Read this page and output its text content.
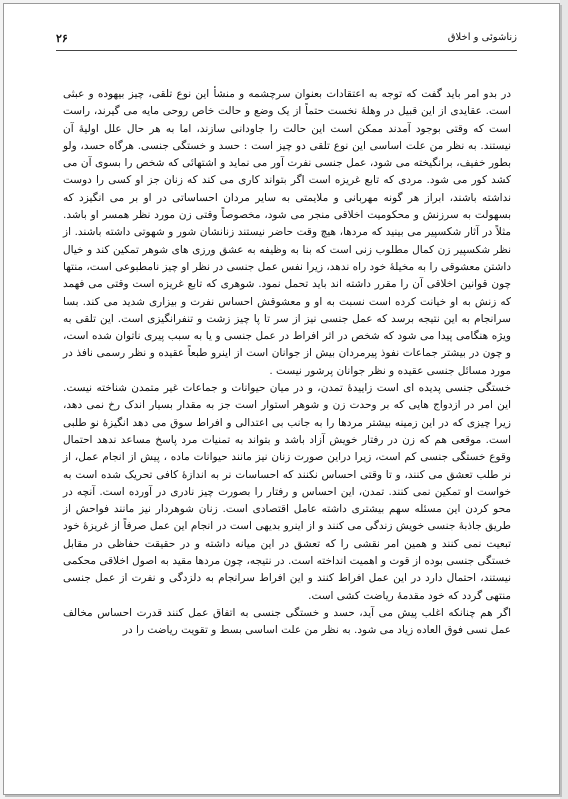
زناشوئی و اخلاق
۲۶

در بدو امر باید گفت که توجه به اعتقادات بعنوان سرچشمه و منشأ این نوع تلقی، چیز بیهوده و عبثی است. عقایدی از این قبیل در وهلهٔ نخست حتماً از یک وضع و حالت خاص روحی مایه می گیرند، راست است که وقتی بوجود آمدند ممکن است این حالت را جاودانی سازند، اما به هر حال علل اولیهٔ آن نیستند. به نظر من علت اساسی این نوع تلقی دو چیز است : حسد و خستگی جنسی. هرگاه حسد، ولو بطور خفیف، برانگیخته می شود، عمل جنسی نفرت آور می نماید و اشتهائی که شخص را بسوی آن می کشد کور می شود. مردی که تابع غریزه است اگر بتواند کاری می کند که زنان جز او کسی را دوست نداشته باشند، ابراز هر گونه مهربانی و ملایمتی به سایر مردان احساساتی در او بر می انگیزد که بسهولت به سرزنش و محکومیت اخلاقی منجر می شود، مخصوصاً وقتی زن مورد نظر همسر او باشد. مثلاً در آثار شکسپیر می بینید که مردها، هیچ وقت حاضر نیستند زنانشان شور و شهوتی داشته باشند. از نظر شکسپیر زن کمال مطلوب زنی است که بنا به وظیفه به عشق ورزی های شوهر تمکین کند و خیال داشتن معشوقی را به مخیلهٔ خود راه ندهد، زیرا نفس عمل جنسی در نظر او چیز نامطبوعی است، منتها چون قوانین اخلاقی آن را مقرر داشته اند باید تحمل نمود. شوهری که تابع غریزه است وقتی می فهمد که زنش به او خیانت کرده است نسبت به او و معشوقش احساس نفرت و بیزاری شدید می کند. بسا سرانجام به این نتیجه برسد که عمل جنسی نیز از سر تا پا چیز زشت و تنفرانگیزی است. این تلقی به ویژه هنگامی پیدا می شود که شخص در اثر افراط در عمل جنسی و یا به سبب پیری ناتوان شده است، و چون در بیشتر جماعات نفوذ پیرمردان بیش از جوانان است از اینرو طبعاً عقیده و نظر رسمی نافذ در مورد مسائل جنسی عقیده و نظر جوانان پرشور نیست .

خستگی جنسی پدیده ای است زاییدهٔ تمدن، و در میان حیوانات و جماعات غیر متمدن شناخته نیست. این امر در ازدواج هایی که بر وحدت زن و شوهر استوار است جز به مقدار بسیار اندک رخ نمی دهد، زیرا چیزی که در این زمینه بیشتر مردها را به جانب بی اعتدالی و افراط سوق می دهد انگیزهٔ نو طلبی است. موقعی هم که زن در رفتار خویش آزاد باشد و بتواند به تمنیات مرد پاسخ مساعد ندهد احتمال وقوع خستگی جنسی کم است، زیرا دراین صورت زنان نیز مانند حیوانات ماده ، پیش از انجام عمل، از نر طلب تعشق می کنند، و تا وقتی احساس نکنند که احساسات نر به اندازهٔ کافی تحریک شده است به خواست او تمکین نمی کنند. تمدن، این احساس و رفتار را بصورت چیز نادری در آورده است. آنچه در محو کردن این مسئله سهم بیشتری داشته عامل اقتصادی است. زنان شوهردار نیز مانند فواحش از طریق جاذبهٔ جنسی خویش زندگی می کنند و از اینرو بدیهی است در انجام این عمل صرفاً از غریزهٔ خود تبعیت نمی کنند و همین امر نقشی را که تعشق در این میانه داشته و در حقیقت حفاظی در مقابل خستگی جنسی بوده از قوت و اهمیت انداخته است. در نتیجه، چون مردها مقید به اصول اخلاقی محکمی نیستند، احتمال دارد در این عمل افراط کنند و این افراط سرانجام به دلزدگی و نفرت از عمل جنسی منتهی گردد که خود مقدمهٔ ریاضت کشی است.

اگر هم چنانکه اغلب پیش می آید، حسد و خستگی جنسی به اتفاق عمل کنند قدرت احساس مخالف عمل نسی فوق العاده زیاد می شود. به نظر من علت اساسی بسط و تقویت ریاضت را در
